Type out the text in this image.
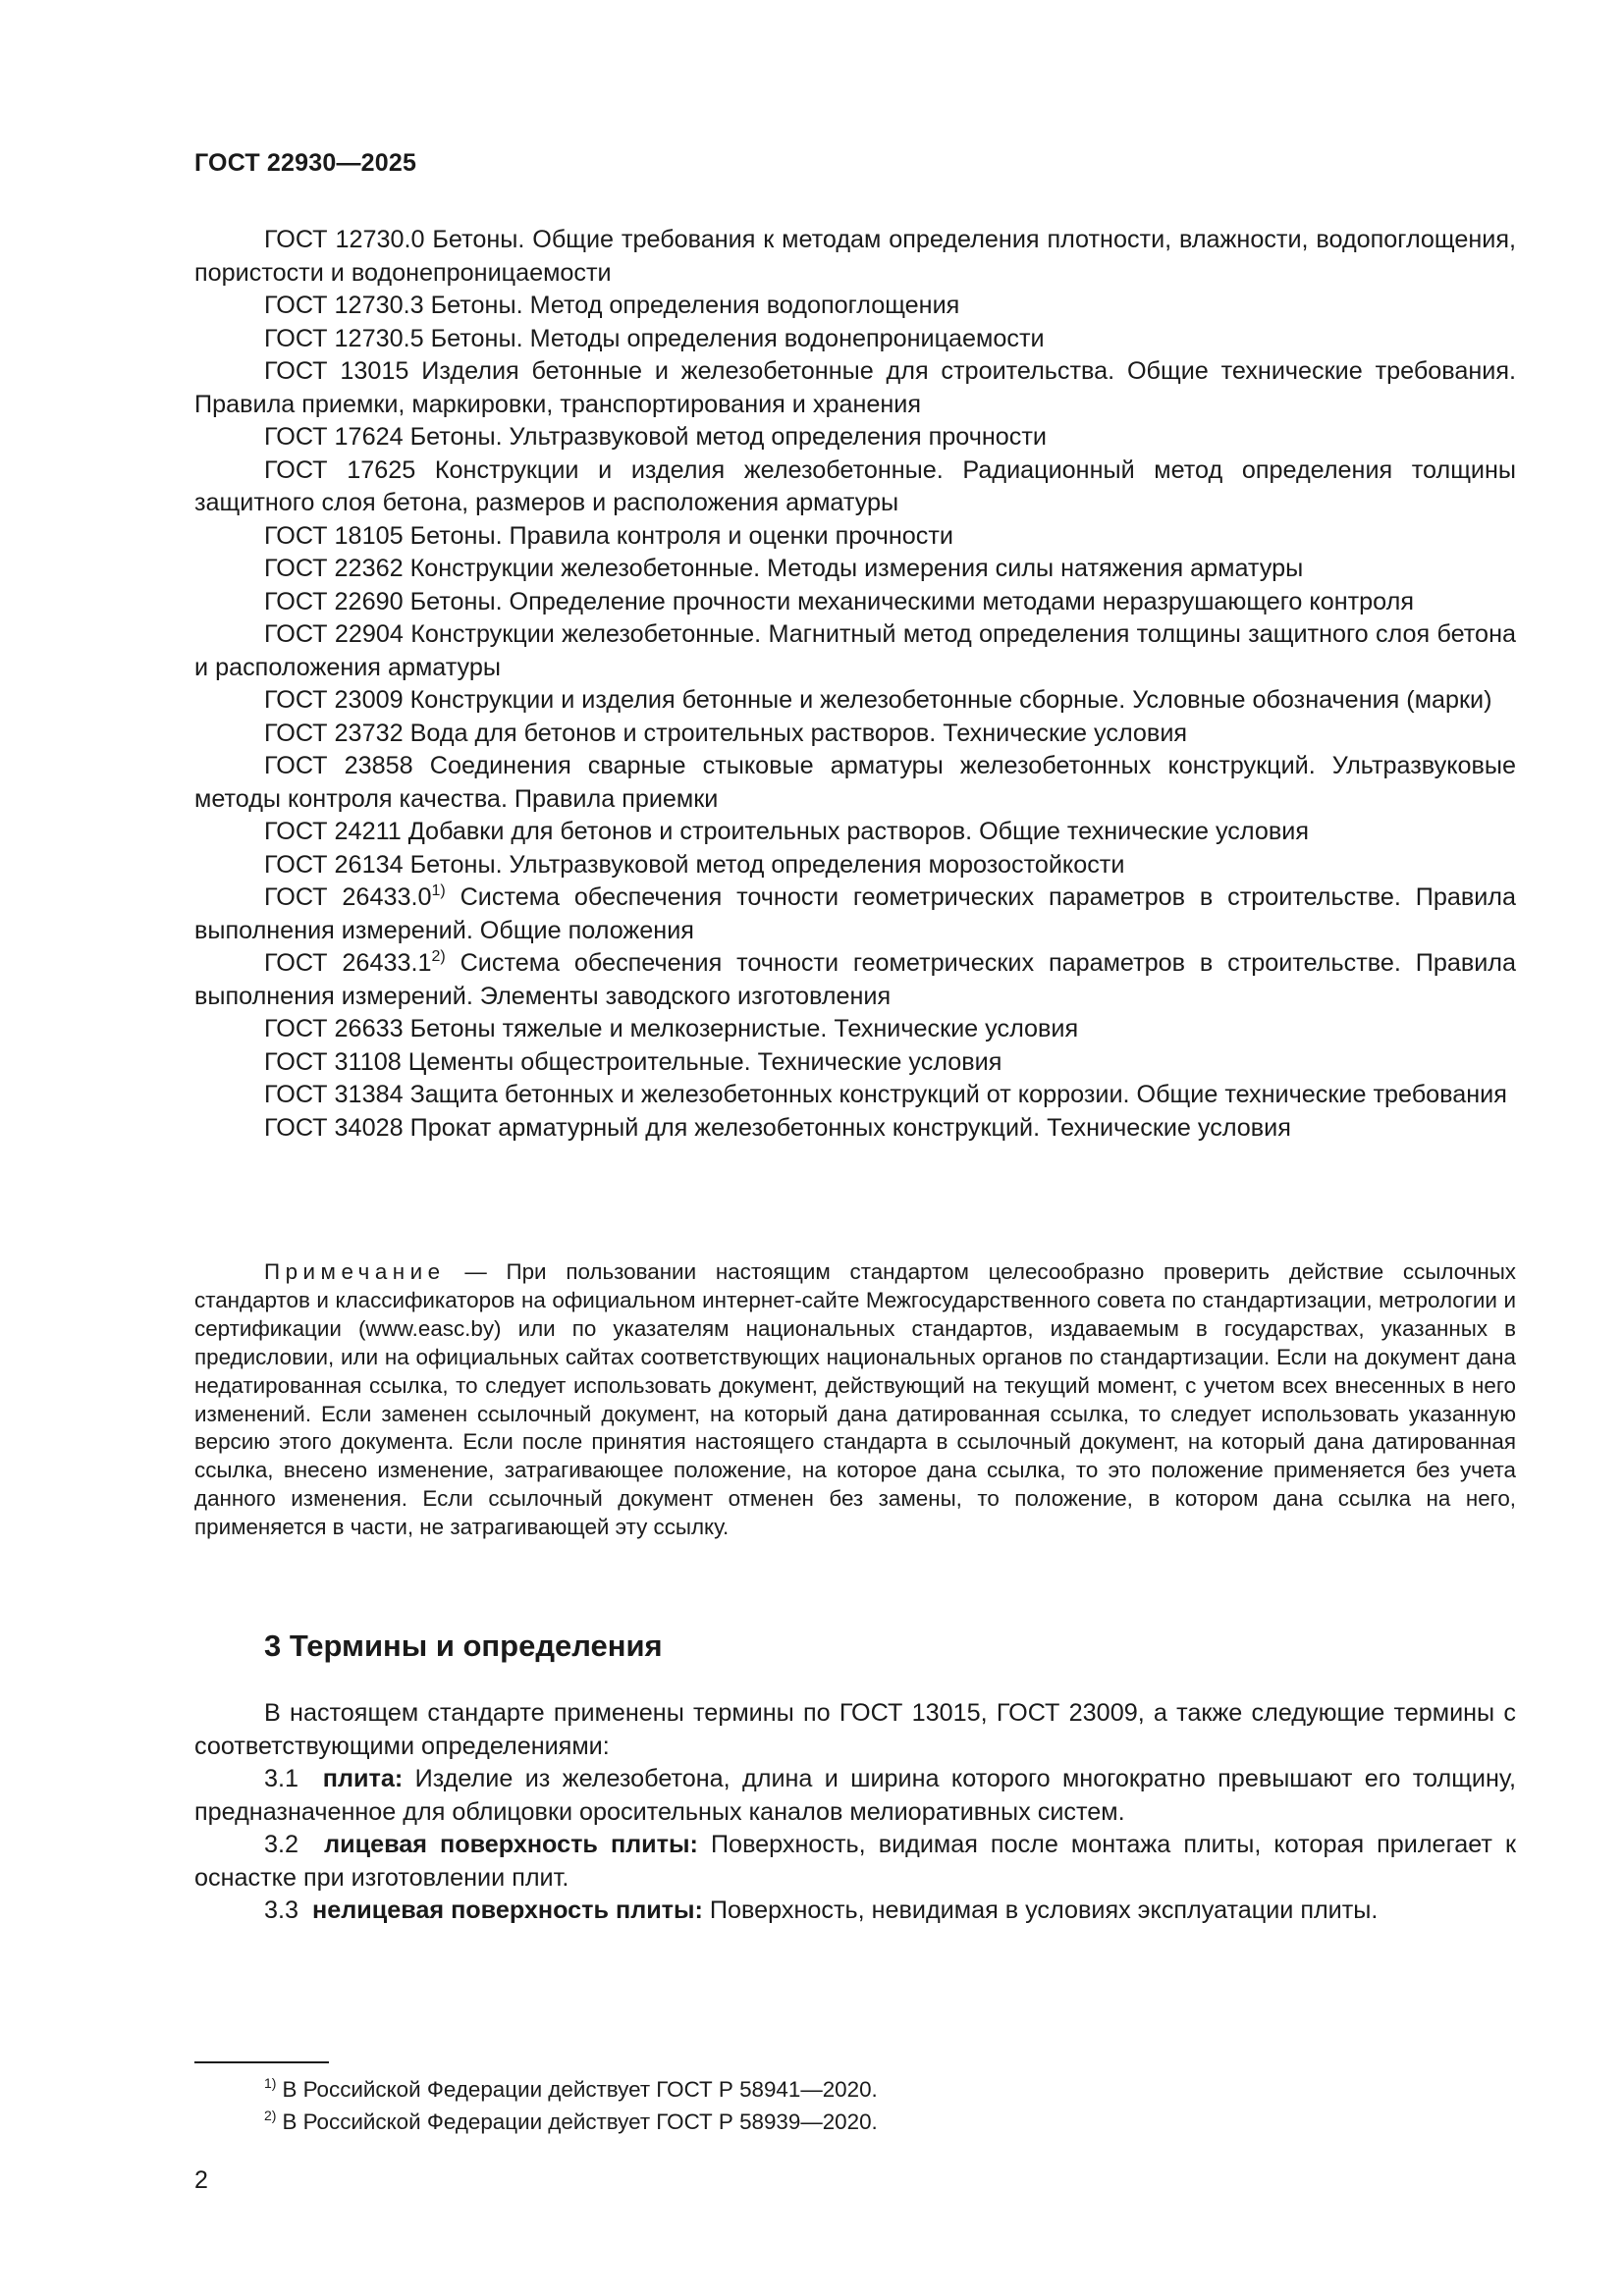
ГОСТ 22930—2025

ГОСТ 12730.0 Бетоны. Общие требования к методам определения плотности, влажности, водопоглощения, пористости и водонепроницаемости

ГОСТ 12730.3 Бетоны. Метод определения водопоглощения

ГОСТ 12730.5 Бетоны. Методы определения водонепроницаемости

ГОСТ 13015 Изделия бетонные и железобетонные для строительства. Общие технические требования. Правила приемки, маркировки, транспортирования и хранения

ГОСТ 17624 Бетоны. Ультразвуковой метод определения прочности

ГОСТ 17625 Конструкции и изделия железобетонные. Радиационный метод определения толщины защитного слоя бетона, размеров и расположения арматуры

ГОСТ 18105 Бетоны. Правила контроля и оценки прочности

ГОСТ 22362 Конструкции железобетонные. Методы измерения силы натяжения арматуры

ГОСТ 22690 Бетоны. Определение прочности механическими методами неразрушающего контроля

ГОСТ 22904 Конструкции железобетонные. Магнитный метод определения толщины защитного слоя бетона и расположения арматуры

ГОСТ 23009 Конструкции и изделия бетонные и железобетонные сборные. Условные обозначения (марки)

ГОСТ 23732 Вода для бетонов и строительных растворов. Технические условия

ГОСТ 23858 Соединения сварные стыковые арматуры железобетонных конструкций. Ультразвуковые методы контроля качества. Правила приемки

ГОСТ 24211 Добавки для бетонов и строительных растворов. Общие технические условия

ГОСТ 26134 Бетоны. Ультразвуковой метод определения морозостойкости

ГОСТ 26433.0$^{1)}$ Система обеспечения точности геометрических параметров в строительстве. Правила выполнения измерений. Общие положения

ГОСТ 26433.1$^{2)}$ Система обеспечения точности геометрических параметров в строительстве. Правила выполнения измерений. Элементы заводского изготовления

ГОСТ 26633 Бетоны тяжелые и мелкозернистые. Технические условия

ГОСТ 31108 Цементы общестроительные. Технические условия

ГОСТ 31384 Защита бетонных и железобетонных конструкций от коррозии. Общие технические требования

ГОСТ 34028 Прокат арматурный для железобетонных конструкций. Технические условия

Примечание — При пользовании настоящим стандартом целесообразно проверить действие ссылочных стандартов и классификаторов на официальном интернет-сайте Межгосударственного совета по стандартизации, метрологии и сертификации (www.easc.by) или по указателям национальных стандартов, издаваемым в государствах, указанных в предисловии, или на официальных сайтах соответствующих национальных органов по стандартизации. Если на документ дана недатированная ссылка, то следует использовать документ, действующий на текущий момент, с учетом всех внесенных в него изменений. Если заменен ссылочный документ, на который дана датированная ссылка, то следует использовать указанную версию этого документа. Если после принятия настоящего стандарта в ссылочный документ, на который дана датированная ссылка, внесено изменение, затрагивающее положение, на которое дана ссылка, то это положение применяется без учета данного изменения. Если ссылочный документ отменен без замены, то положение, в котором дана ссылка на него, применяется в части, не затрагивающей эту ссылку.
3 Термины и определения

В настоящем стандарте применены термины по ГОСТ 13015, ГОСТ 23009, а также следующие термины с соответствующими определениями:

3.1 плита: Изделие из железобетона, длина и ширина которого многократно превышают его толщину, предназначенное для облицовки оросительных каналов мелиоративных систем.

3.2 лицевая поверхность плиты: Поверхность, видимая после монтажа плиты, которая прилегает к оснастке при изготовлении плит.

3.3 нелицевая поверхность плиты: Поверхность, невидимая в условиях эксплуатации плиты.

$^{1)}$ В Российской Федерации действует ГОСТ Р 58941—2020.

$^{2)}$ В Российской Федерации действует ГОСТ Р 58939—2020.

2
